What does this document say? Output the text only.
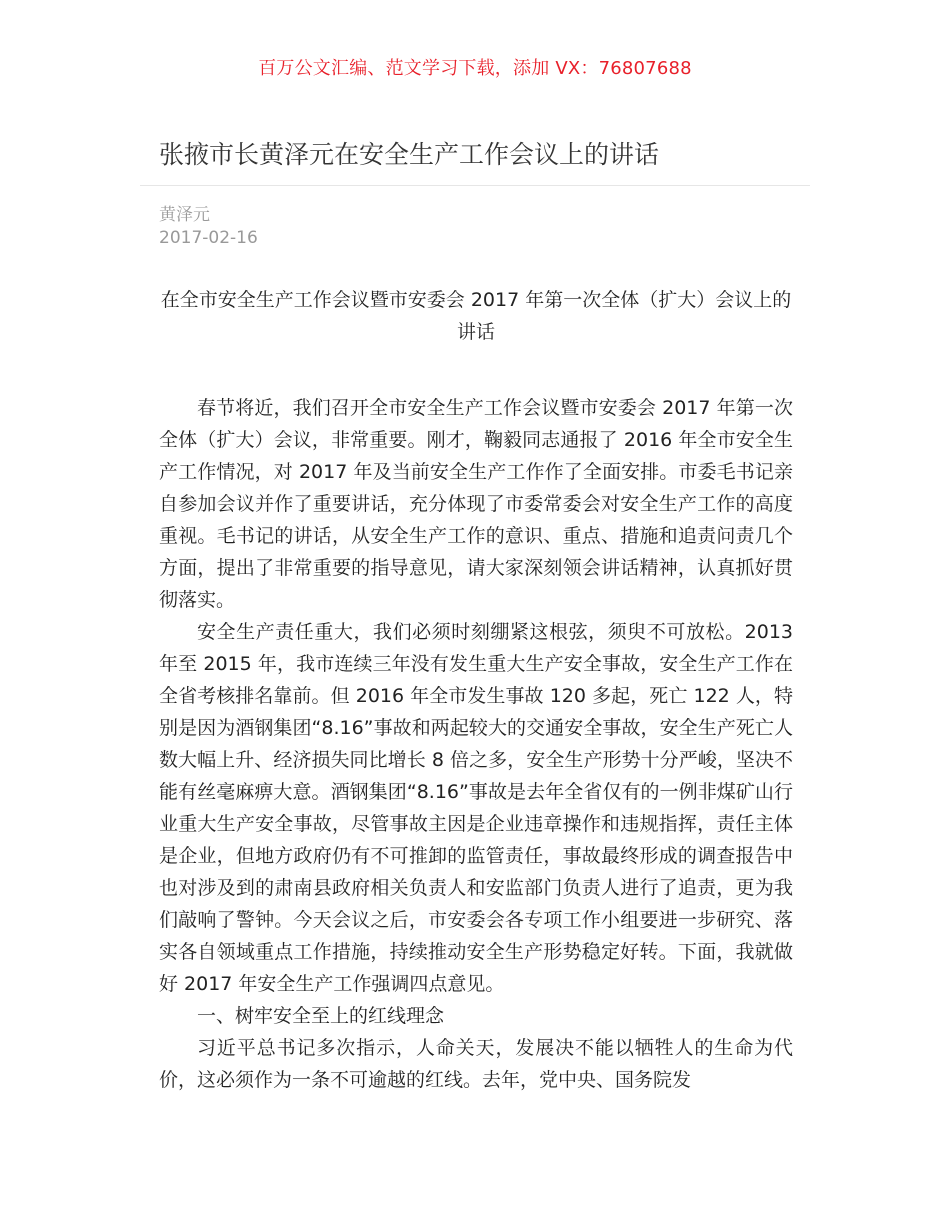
百万公文汇编、范文学习下载，添加 VX：76807688
张掖市长黄泽元在安全生产工作会议上的讲话
黄泽元
2017-02-16

在全市安全生产工作会议暨市安委会 2017 年第一次全体（扩大）会议上的讲话

春节将近，我们召开全市安全生产工作会议暨市安委会 2017 年第一次全体（扩大）会议，非常重要。刚才，鞠毅同志通报了 2016 年全市安全生产工作情况，对 2017 年及当前安全生产工作作了全面安排。市委毛书记亲自参加会议并作了重要讲话，充分体现了市委常委会对安全生产工作的高度重视。毛书记的讲话，从安全生产工作的意识、重点、措施和追责问责几个方面，提出了非常重要的指导意见，请大家深刻领会讲话精神，认真抓好贯彻落实。

安全生产责任重大，我们必须时刻绷紧这根弦，须臾不可放松。2013 年至 2015 年，我市连续三年没有发生重大生产安全事故，安全生产工作在全省考核排名靠前。但 2016 年全市发生事故 120 多起，死亡 122 人，特别是因为酒钢集团“8.16”事故和两起较大的交通安全事故，安全生产死亡人数大幅上升、经济损失同比增长 8 倍之多，安全生产形势十分严峻，坚决不能有丝毫麻痹大意。酒钢集团“8.16”事故是去年全省仅有的一例非煤矿山行业重大生产安全事故，尽管事故主因是企业违章操作和违规指挥，责任主体是企业，但地方政府仍有不可推卸的监管责任，事故最终形成的调查报告中也对涉及到的肃南县政府相关负责人和安监部门负责人进行了追责，更为我们敲响了警钟。今天会议之后，市安委会各专项工作小组要进一步研究、落实各自领域重点工作措施，持续推动安全生产形势稳定好转。下面，我就做好 2017 年安全生产工作强调四点意见。

一、树牢安全至上的红线理念

习近平总书记多次指示，人命关天，发展决不能以牺牲人的生命为代价，这必须作为一条不可逾越的红线。去年，党中央、国务院发
